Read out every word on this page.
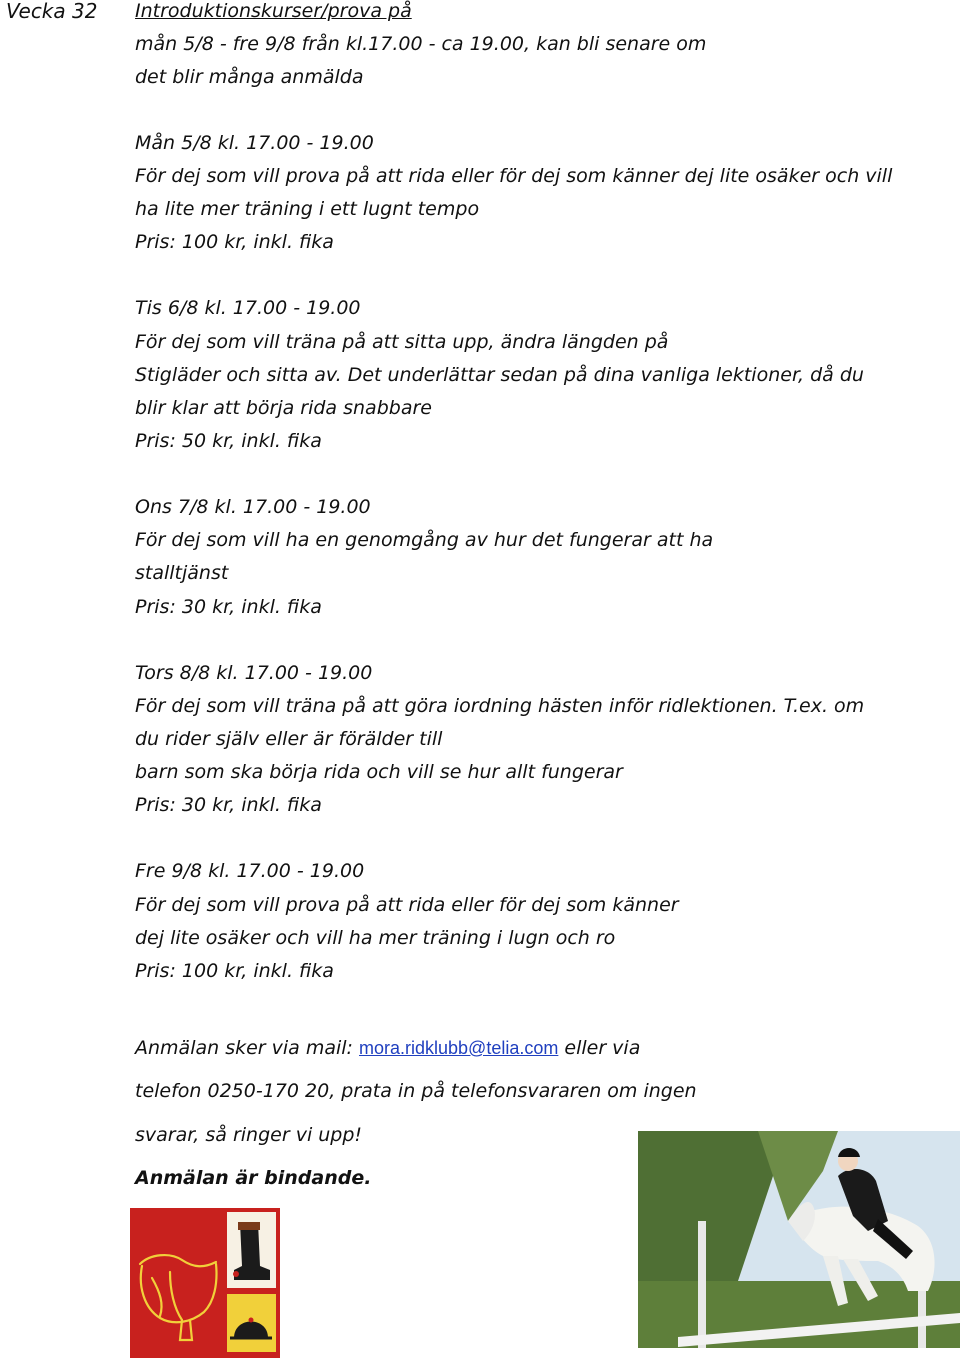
Vecka 32 Introduktionskurser/prova på

mån 5/8 - fre 9/8 från kl.17.00 - ca 19.00, kan bli senare om

det blir många anmälda

Mån 5/8 kl. 17.00 - 19.00

För dej som vill prova på att rida eller för dej som känner dej lite osäker och vill

ha lite mer träning i ett lugnt tempo

Pris: 100 kr, inkl. fika

Tis 6/8 kl. 17.00 - 19.00

För dej som vill träna på att sitta upp, ändra längden på

Stigläder och sitta av. Det underlättar sedan på dina vanliga lektioner, då du

blir klar att börja rida snabbare

Pris: 50 kr, inkl. fika

Ons 7/8 kl. 17.00 - 19.00

För dej som vill ha en genomgång av hur det fungerar att ha

stalltjänst

Pris: 30 kr, inkl. fika

Tors 8/8 kl. 17.00 - 19.00

För dej som vill träna på att göra iordning hästen inför ridlektionen. T.ex. om

du rider själv eller är förälder till

barn som ska börja rida och vill se hur allt fungerar

Pris: 30 kr, inkl. fika

Fre 9/8 kl. 17.00 - 19.00

För dej som vill prova på att rida eller för dej som känner

dej lite osäker och vill ha mer träning i lugn och ro

Pris: 100 kr, inkl. fika

Anmälan sker via mail: mora.ridklubb@telia.com eller via

telefon 0250-170 20, prata in på telefonsvararen om ingen

svarar, så ringer vi upp!

Anmälan är bindande.
